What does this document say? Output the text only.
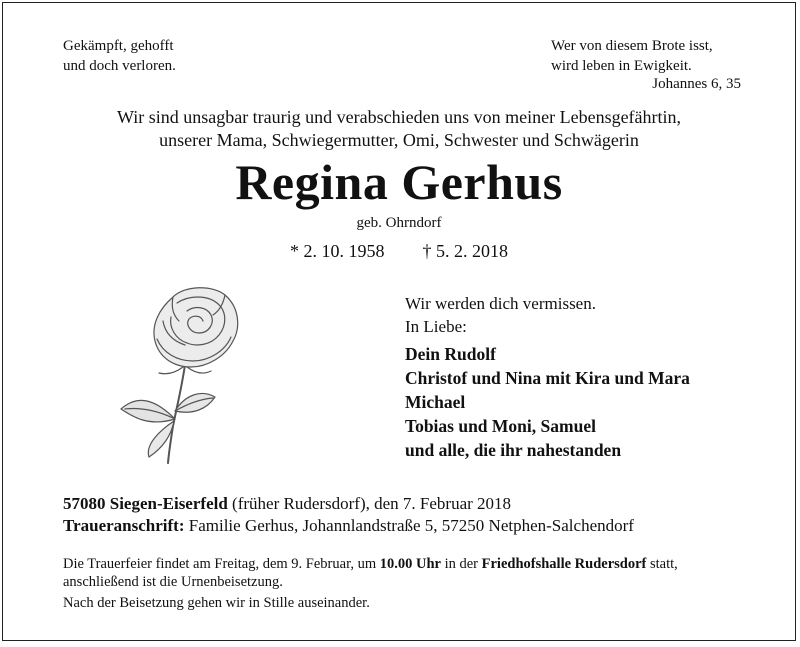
Gekämpft, gehofft
und doch verloren.
Wer von diesem Brote isst,
wird leben in Ewigkeit.
Johannes 6, 35
Wir sind unsagbar traurig und verabschieden uns von meiner Lebensgefährtin,
unserer Mama, Schwiegermutter, Omi, Schwester und Schwägerin
Regina Gerhus
geb. Ohrndorf
* 2. 10. 1958 † 5. 2. 2018
Wir werden dich vermissen.
In Liebe:
Dein Rudolf
Christof und Nina mit Kira und Mara
Michael
Tobias und Moni, Samuel
und alle, die ihr nahestanden
57080 Siegen-Eiserfeld (früher Rudersdorf), den 7. Februar 2018
Traueranschrift: Familie Gerhus, Johannlandstraße 5, 57250 Netphen-Salchendorf
Die Trauerfeier findet am Freitag, dem 9. Februar, um 10.00 Uhr in der Friedhofshalle Rudersdorf statt,
anschließend ist die Urnenbeisetzung.
Nach der Beisetzung gehen wir in Stille auseinander.
